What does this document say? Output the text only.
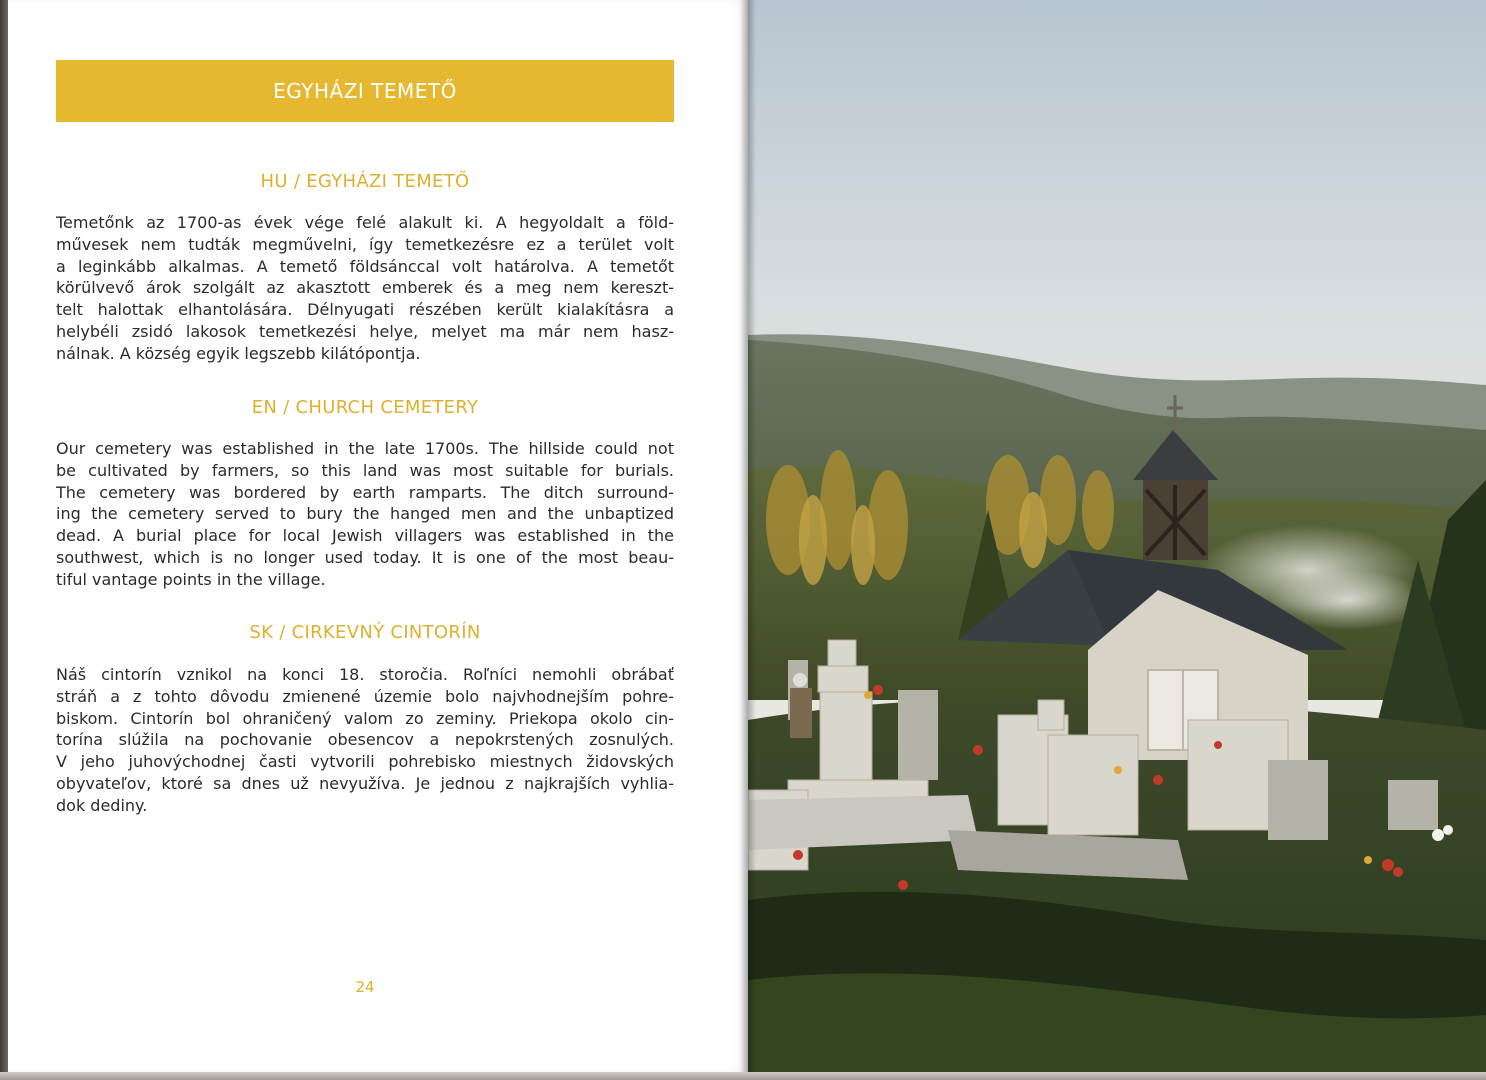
EGYHÁZI TEMETŐ
HU / EGYHÁZI TEMETŐ
Temetőnk az 1700-as évek vége felé alakult ki. A hegyoldalt a föld-
művesek nem tudták megművelni, így temetkezésre ez a terület volt
a leginkább alkalmas. A temető földsánccal volt határolva. A temetőt
körülvevő árok szolgált az akasztott emberek és a meg nem kereszt-
telt halottak elhantolására. Délnyugati részében került kialakításra a
helybéli zsidó lakosok temetkezési helye, melyet ma már nem hasz-
nálnak. A község egyik legszebb kilátópontja.
EN / CHURCH CEMETERY
Our cemetery was established in the late 1700s. The hillside could not
be cultivated by farmers, so this land was most suitable for burials.
The cemetery was bordered by earth ramparts. The ditch surround-
ing the cemetery served to bury the hanged men and the unbaptized
dead. A burial place for local Jewish villagers was established in the
southwest, which is no longer used today. It is one of the most beau-
tiful vantage points in the village.
SK / CIRKEVNÝ CINTORÍN
Náš cintorín vznikol na konci 18. storočia. Roľníci nemohli obrábať
stráň a z tohto dôvodu zmienené územie bolo najvhodnejším pohre-
biskom. Cintorín bol ohraničený valom zo zeminy. Priekopa okolo cin-
torína slúžila na pochovanie obesencov a nepokrstených zosnulých.
V jeho juhovýchodnej časti vytvorili pohrebisko miestnych židovských
obyvateľov, ktoré sa dnes už nevyužíva. Je jednou z najkrajších vyhlia-
dok dediny.
24
